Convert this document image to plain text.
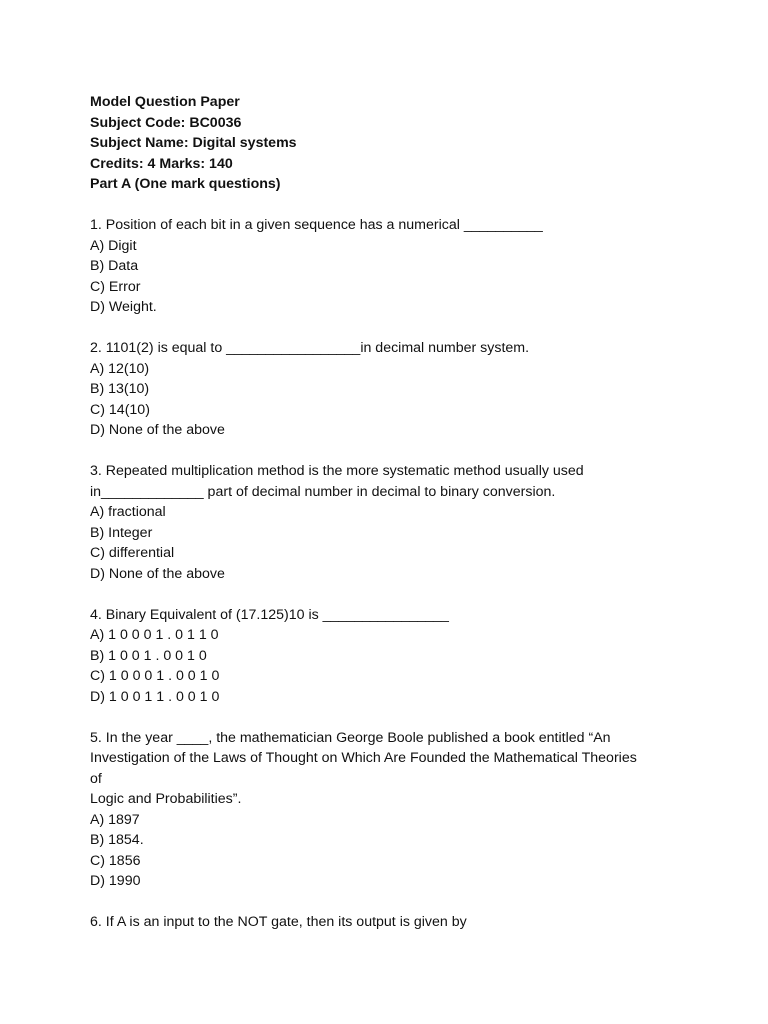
Model Question Paper
Subject Code: BC0036
Subject Name: Digital systems
Credits: 4 Marks: 140
Part A (One mark questions)
1. Position of each bit in a given sequence has a numerical __________
A) Digit
B) Data
C) Error
D) Weight.
2. 1101(2) is equal to _________________in decimal number system.
A) 12(10)
B) 13(10)
C) 14(10)
D) None of the above
3. Repeated multiplication method is the more systematic method usually used
in_____________ part of decimal number in decimal to binary conversion.
A) fractional
B) Integer
C) differential
D) None of the above
4. Binary Equivalent of (17.125)10 is ________________
A) 1 0 0 0 1 . 0 1 1 0
B) 1 0 0 1 . 0 0 1 0
C) 1 0 0 0 1 . 0 0 1 0
D) 1 0 0 1 1 . 0 0 1 0
5. In the year ____, the mathematician George Boole published a book entitled “An
Investigation of the Laws of Thought on Which Are Founded the Mathematical Theories
of
Logic and Probabilities”.
A) 1897
B) 1854.
C) 1856
D) 1990
6. If A is an input to the NOT gate, then its output is given by
